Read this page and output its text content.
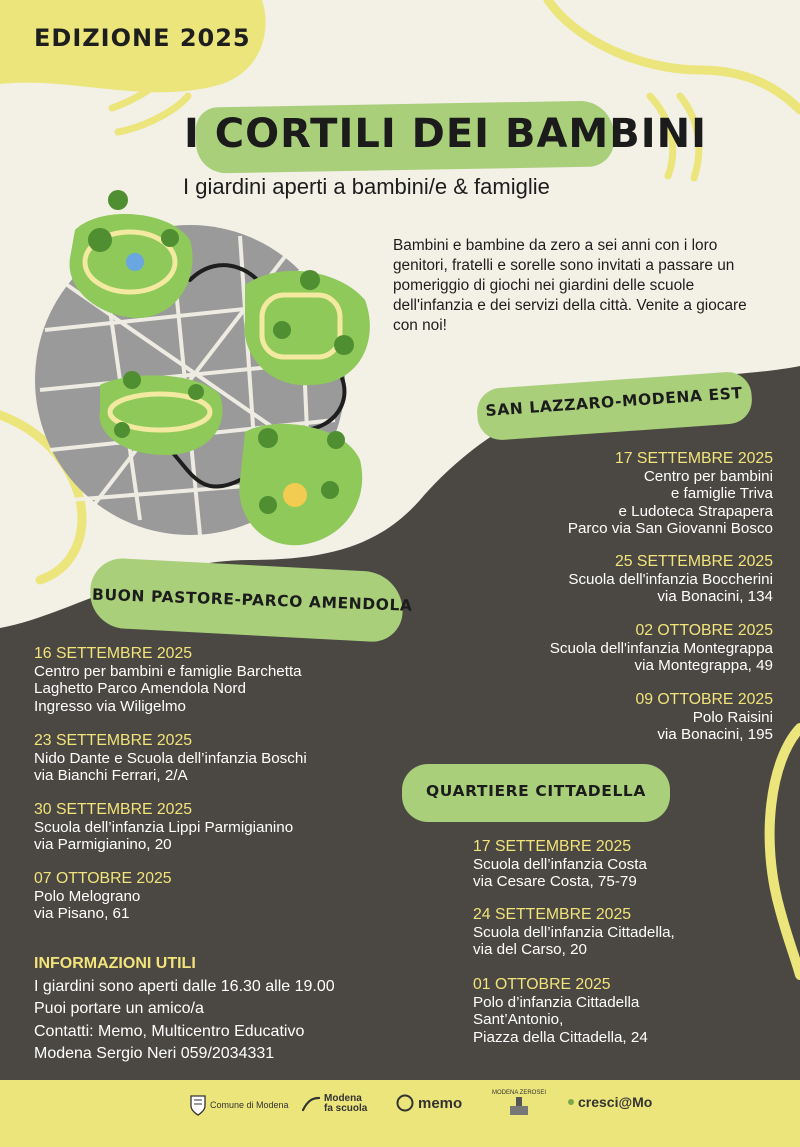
EDIZIONE 2025
I CORTILI DEI BAMBINI
I giardini aperti a bambini/e & famiglie

Bambini e bambine da zero a sei anni con i loro genitori, fratelli e sorelle sono invitati a passare un pomeriggio di giochi nei giardini delle scuole dell'infanzia e dei servizi della città. Venite a giocare con noi!

SAN LAZZARO-MODENA EST
17 SETTEMBRE 2025
Centro per bambini
e famiglie Triva
e Ludoteca Strapapera
Parco via San Giovanni Bosco
25 SETTEMBRE 2025
Scuola dell'infanzia Boccherini
via Bonacini, 134
02 OTTOBRE 2025
Scuola dell'infanzia Montegrappa
via Montegrappa, 49
09 OTTOBRE 2025
Polo Raisini
via Bonacini, 195
BUON PASTORE-PARCO AMENDOLA
16 SETTEMBRE 2025
Centro per bambini e famiglie Barchetta
Laghetto Parco Amendola Nord
Ingresso via Wiligelmo
23 SETTEMBRE 2025
Nido Dante e Scuola dell’infanzia Boschi
via Bianchi Ferrari, 2/A
30 SETTEMBRE 2025
Scuola dell’infanzia Lippi Parmigianino
via Parmigianino, 20
07 OTTOBRE 2025
Polo Melograno
via Pisano, 61
QUARTIERE CITTADELLA
17 SETTEMBRE 2025
Scuola dell’infanzia Costa
via Cesare Costa, 75-79
24 SETTEMBRE 2025
Scuola dell’infanzia Cittadella,
via del Carso, 20
01 OTTOBRE 2025
Polo d’infanzia Cittadella
Sant’Antonio,
Piazza della Cittadella, 24
INFORMAZIONI UTILI
I giardini sono aperti dalle 16.30 alle 19.00
Puoi portare un amico/a
Contatti: Memo, Multicentro Educativo
Modena Sergio Neri 059/2034331
Comune di Modena
Modena fa scuola	memo
MODENA ZEROSEI
cresci@Mo
